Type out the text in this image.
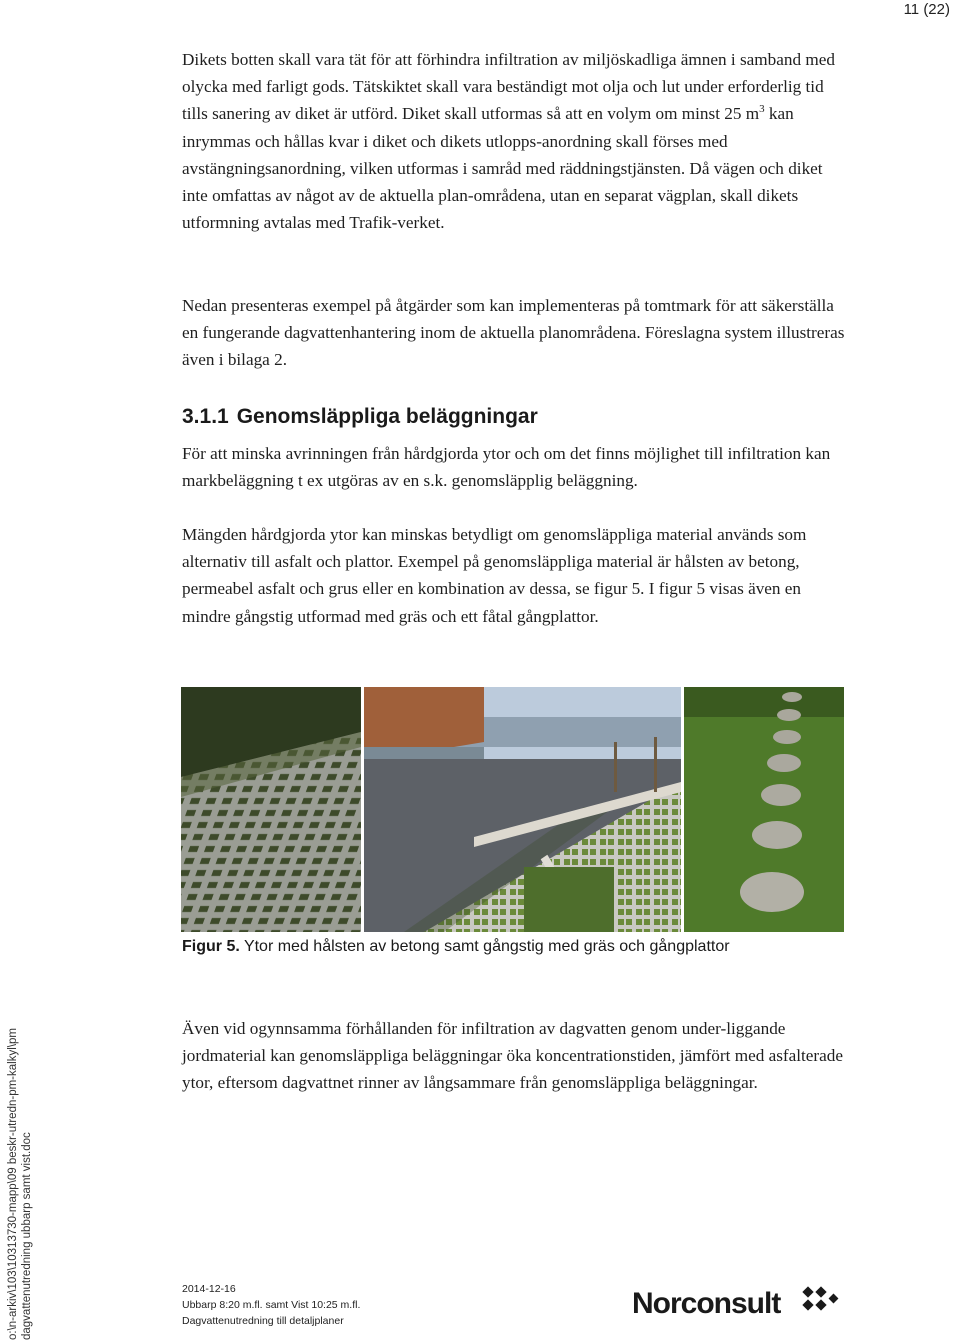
11 (22)

Dikets botten skall vara tät för att förhindra infiltration av miljöskadliga ämnen i samband med olycka med farligt gods. Tätskiktet skall vara beständigt mot olja och lut under erforderlig tid tills sanering av diket är utförd. Diket skall utformas så att en volym om minst 25 $m^3$ kan inrymmas och hållas kvar i diket och dikets utlopps-anordning skall förses med avstängningsanordning, vilken utformas i samråd med räddningstjänsten. Då vägen och diket inte omfattas av något av de aktuella plan-områdena, utan en separat vägplan, skall dikets utformning avtalas med Trafik-verket.

Nedan presenteras exempel på åtgärder som kan implementeras på tomtmark för att säkerställa en fungerande dagvattenhantering inom de aktuella planområdena. Föreslagna system illustreras även i bilaga 2.

3.1.1 Genomsläppliga beläggningar

För att minska avrinningen från hårdgjorda ytor och om det finns möjlighet till infiltration kan markbeläggning t ex utgöras av en s.k. genomsläpplig beläggning.

Mängden hårdgjorda ytor kan minskas betydligt om genomsläppliga material används som alternativ till asfalt och plattor. Exempel på genomsläppliga material är hålsten av betong, permeabel asfalt och grus eller en kombination av dessa, se figur 5. I figur 5 visas även en mindre gångstig utformad med gräs och ett fåtal gångplattor.

Figur 5. Ytor med hålsten av betong samt gångstig med gräs och gångplattor

Även vid ogynnsamma förhållanden för infiltration av dagvatten genom under-liggande jordmaterial kan genomsläppliga beläggningar öka koncentrationstiden, jämfört med asfalterade ytor, eftersom dagvattnet rinner av långsammare från genomsläppliga beläggningar.

o:\n-arkiv\103\10313730-mapp\09 beskr-utredn-pm-kalkyl\pm dagvattenutredning ubbarp samt vist.doc	2014-12-16
Ubbarp 8:20 m.fl. samt Vist 10:25 m.fl.
Dagvattenutredning till detaljplaner
Norconsult
